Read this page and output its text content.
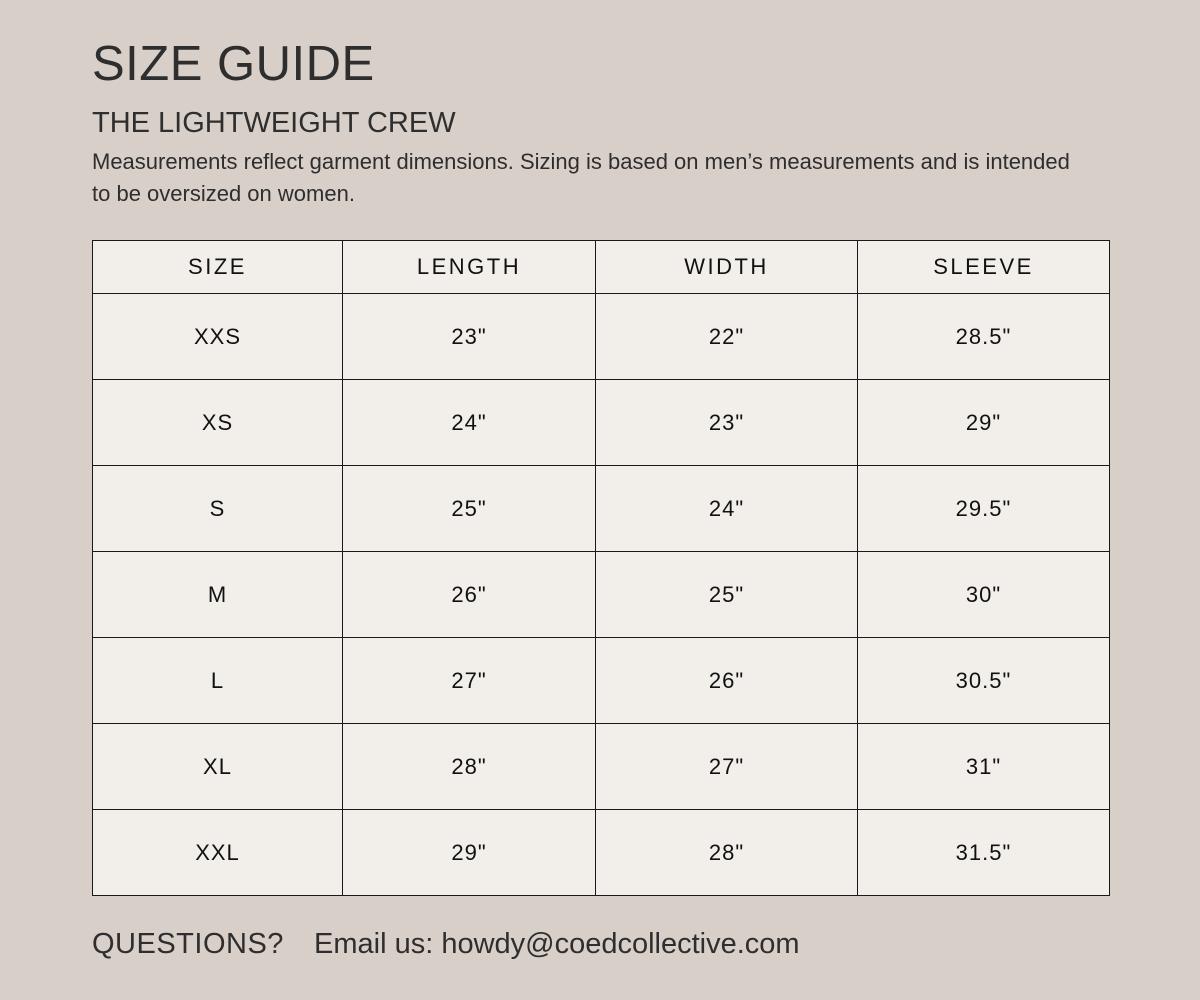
SIZE GUIDE
THE LIGHTWEIGHT CREW

Measurements reflect garment dimensions. Sizing is based on men’s measurements and is intended to be oversized on women.

SIZE	LENGTH	WIDTH	SLEEVE
XXS	23"	22"	28.5"
XS	24"	23"	29"
S	25"	24"	29.5"
M	26"	25"	30"
L	27"	26"	30.5"
XL	28"	27"	31"
XXL	29"	28"	31.5"
QUESTIONS? Email us: howdy@coedcollective.com
